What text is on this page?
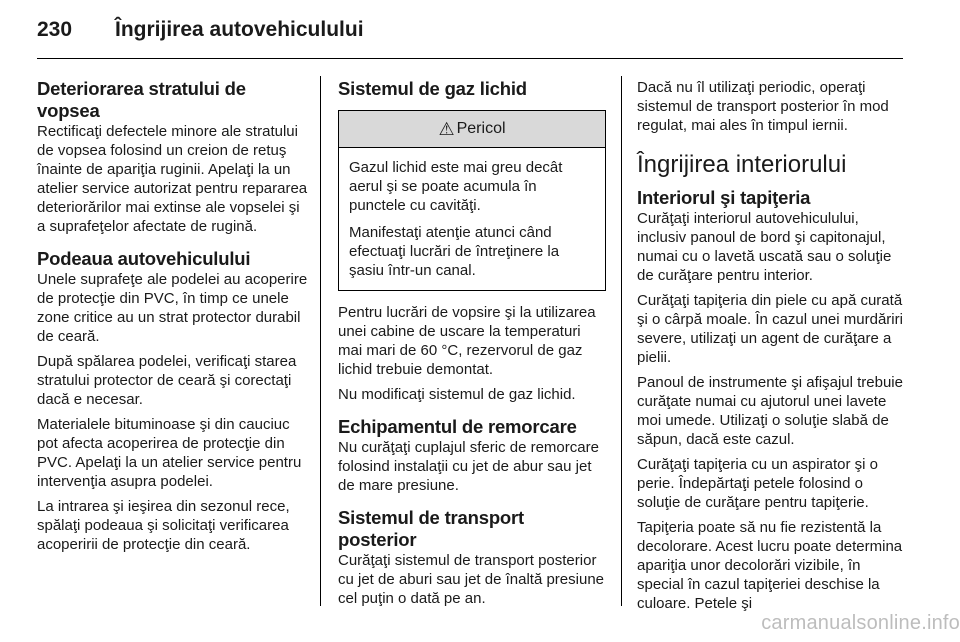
230 Îngrijirea autovehiculului
Deteriorarea stratului de vopsea

Rectificaţi defectele minore ale stratului de vopsea folosind un creion de retuş înainte de apariţia ruginii. Apelaţi la un atelier service autorizat pentru repararea deteriorărilor mai extinse ale vopselei şi a suprafeţelor afectate de rugină.

Podeaua autovehiculului

Unele suprafeţe ale podelei au acoperire de protecţie din PVC, în timp ce unele zone critice au un strat protector durabil de ceară.

După spălarea podelei, verificaţi starea stratului protector de ceară şi corectaţi dacă e necesar.

Materialele bituminoase şi din cauciuc pot afecta acoperirea de protecţie din PVC. Apelaţi la un atelier service pentru intervenţia asupra podelei.

La intrarea şi ieşirea din sezonul rece, spălaţi podeaua şi solicitaţi verificarea acoperirii de protecţie din ceară.

Sistemul de gaz lichid
⚠ Pericol

Gazul lichid este mai greu decât aerul şi se poate acumula în punctele cu cavităţi.

Manifestaţi atenţie atunci când efectuaţi lucrări de întreţinere la şasiu într-un canal.

Pentru lucrări de vopsire şi la utilizarea unei cabine de uscare la temperaturi mai mari de 60 °C, rezervorul de gaz lichid trebuie demontat.

Nu modificaţi sistemul de gaz lichid.

Echipamentul de remorcare

Nu curăţaţi cuplajul sferic de remorcare folosind instalaţii cu jet de abur sau jet de mare presiune.

Sistemul de transport posterior

Curăţaţi sistemul de transport posterior cu jet de aburi sau jet de înaltă presiune cel puţin o dată pe an.

Dacă nu îl utilizaţi periodic, operaţi sistemul de transport posterior în mod regulat, mai ales în timpul iernii.

Îngrijirea interiorului
Interiorul şi tapiţeria

Curăţaţi interiorul autovehiculului, inclusiv panoul de bord şi capitonajul, numai cu o lavetă uscată sau o soluţie de curăţare pentru interior.

Curăţaţi tapiţeria din piele cu apă curată şi o cârpă moale. În cazul unei murdăriri severe, utilizaţi un agent de curăţare a pielii.

Panoul de instrumente şi afişajul trebuie curăţate numai cu ajutorul unei lavete moi umede. Utilizaţi o soluţie slabă de săpun, dacă este cazul.

Curăţaţi tapiţeria cu un aspirator şi o perie. Îndepărtaţi petele folosind o soluţie de curăţare pentru tapiţerie.

Tapiţeria poate să nu fie rezistentă la decolorare. Acest lucru poate determina apariţia unor decolorări vizibile, în special în cazul tapiţeriei deschise la culoare. Petele şi

carmanualsonline.info
